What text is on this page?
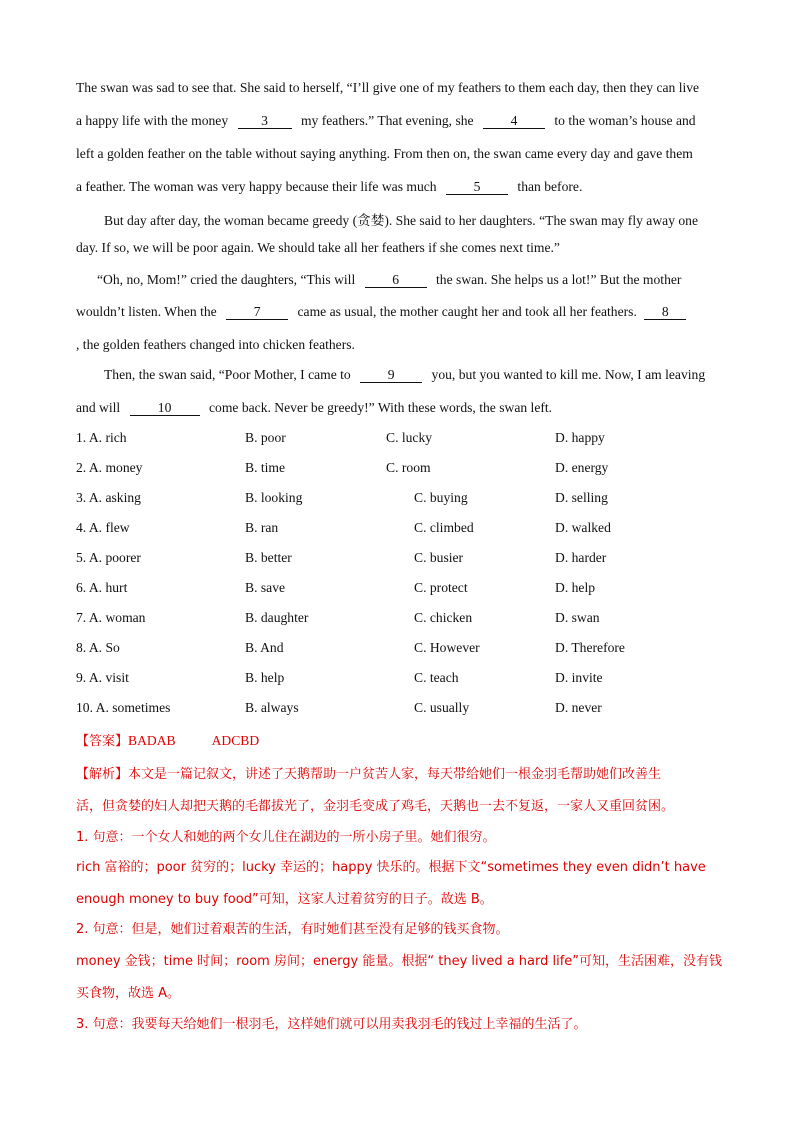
The swan was sad to see that. She said to herself, “I’ll give one of my feathers to them each day, then they can live
a happy life with the money 3 my feathers.” That evening, she	4	to the woman’s house and
left a golden feather on the table without saying anything. From then on, the swan came every day and gave them
a feather. The woman was very happy because their life was much	5	than before.
But day after day, the woman became greedy (贪婪). She said to her daughters. “The swan may fly away one
day. If so, we will be poor again. We should take all her feathers if she comes next time.”
“Oh, no, Mom!” cried the daughters, “This will	6	the swan. She helps us a lot!” But the mother
wouldn’t listen. When the	7	came as usual, the mother caught her and took all her feathers. 8
, the golden feathers changed into chicken feathers.
Then, the swan said, “Poor Mother, I came to	9	you, but you wanted to kill me. Now, I am leaving
and will	10	come back. Never be greedy!” With these words, the swan left.
1. A. rich	B. poor	C. lucky	D. happy
2. A. money	B. time	C. room	D. energy
3. A. asking	B. looking	C. buying	D. selling
4. A. flew	B. ran	C. climbed	D. walked
5. A. poorer	B. better	C. busier	D. harder
6. A. hurt	B. save	C. protect	D. help
7. A. woman	B. daughter	C. chicken	D. swan
8. A. So	B. And	C. However	D. Therefore
9. A. visit	B. help	C. teach	D. invite
10. A. sometimes	B. always	C. usually	D. never
【答案】BADAB	ADCBD
【解析】本文是一篇记叙文，讲述了天鹅帮助一户贫苦人家，每天带给她们一根金羽毛帮助她们改善生
活，但贪婪的妇人却把天鹅的毛都拔光了，金羽毛变成了鸡毛，天鹅也一去不复返，一家人又重回贫困。
1. 句意：一个女人和她的两个女儿住在湖边的一所小房子里。她们很穷。
rich 富裕的；poor 贫穷的；lucky 幸运的；happy 快乐的。根据下文“sometimes they even didn’t have
enough money to buy food”可知，这家人过着贫穷的日子。故选 B。
2. 句意：但是，她们过着艰苦的生活，有时她们甚至没有足够的钱买食物。
money 金钱；time 时间；room 房间；energy 能量。根据“ they lived a hard life”可知，生活困难，没有钱
买食物，故选 A。
3. 句意：我要每天给她们一根羽毛，这样她们就可以用卖我羽毛的钱过上幸福的生活了。
